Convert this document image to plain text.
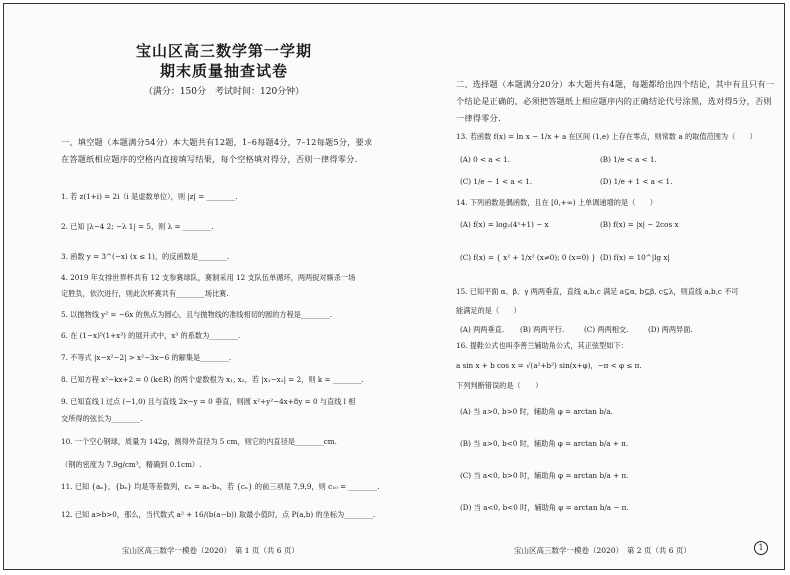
宝山区高三数学第一学期
期末质量抽查试卷
（满分：150分　考试时间：120分钟）
一、填空题（本题满分54分）本大题共有12题，1–6每题4分，7–12每题5分，要求在答题纸相应题序的空格内直接填写结果，每个空格填对得分，否则一律得零分.
1. 若 z(1+i) = 2i（i 是虚数单位），则 |z| = ________.
2. 已知 |λ−4 2; −λ 1| = 5，则 λ = ________.
3. 函数 y = 3^(−x) (x ≤ 1)，的反函数是________.
4. 2019 年女排世界杯共有 12 支参赛球队，赛制采用 12 支队伍单循环，两两捉对厮杀一场
定胜负，依次进行，则此次杯赛共有________场比赛.
5. 以抛物线 y² = −6x 的焦点为圆心，且与抛物线的准线相切的圆的方程是________.
6. 在 (1−x)⁵(1+x³) 的展开式中，x³ 的系数为________.
7. 不等式 |x−x²−2| > x²−3x−6 的解集是________.
8. 已知方程 x²−kx+2 = 0 (k∈R) 的两个虚数根为 x₁, x₂，若 |x₁−x₂| = 2，则 k = ________.
9. 已知直线 l 过点 (−1,0) 且与直线 2x−y = 0 垂直，则圆 x²+y²−4x+8y = 0 与直线 l 相
交所得的弦长为________.
10. 一个空心钢球，质量为 142g，测得外直径为 5 cm，则它的内直径是________cm.
（钢的密度为 7.9g/cm³，精确到 0.1cm）.
11. 已知 {aₙ}，{bₙ} 均是等差数列，cₙ = aₙ·bₙ，若 {cₙ} 的前三项是 7,9,9，则 c₁₀ = ________.
12. 已知 a>b>0，那么，当代数式 a² + 16/(b(a−b)) 取最小值时，点 P(a,b) 的坐标为________.
宝山区高三数学一模卷（2020）　第 1 页（共 6 页）
二、选择题（本题满分20分）本大题共有4题，每题都给出四个结论，其中有且只有一个结论是正确的，必须把答题纸上相应题序内的正确结论代号涂黑，选对得5分，否则一律得零分.
13. 若函数 f(x) = ln x − 1/x + a 在区间 (1,e) 上存在零点，则常数 a 的取值范围为（　　）
(A) 0 < a < 1.	(B) 1/e < a < 1.
(C) 1/e − 1 < a < 1.	(D) 1/e + 1 < a < 1.
14. 下列函数是偶函数，且在 [0,+∞) 上单调递增的是（　　）
(A) f(x) = log₂(4ˣ+1) − x	(B) f(x) = |x| − 2cos x
(C) f(x) = { x² + 1/x² (x≠0); 0 (x=0) } (D) f(x) = 10^|lg x|
15. 已知平面 α、β、γ 两两垂直，直线 a,b,c 满足 a⊆α, b⊆β, c⊆λ，则直线 a,b,c 不可
能满足的是（　　）
(A) 两两垂直. (B) 两两平行.	(C) 两两相交.	(D) 两两异面.
16. 提鞋公式也叫李善兰辅助角公式，其正弦型如下：
a sin x + b cos x = √(a²+b²) sin(x+φ)，−π < φ ≤ π.
下列判断错误的是（　　）
(A) 当 a>0, b>0 时，辅助角 φ = arctan b/a.
(B) 当 a>0, b<0 时，辅助角 φ = arctan b/a + π.
(C) 当 a<0, b>0 时，辅助角 φ = arctan b/a + π.
(D) 当 a<0, b<0 时，辅助角 φ = arctan b/a − π.
宝山区高三数学一模卷（2020）　第 2 页（共 6 页）	1
